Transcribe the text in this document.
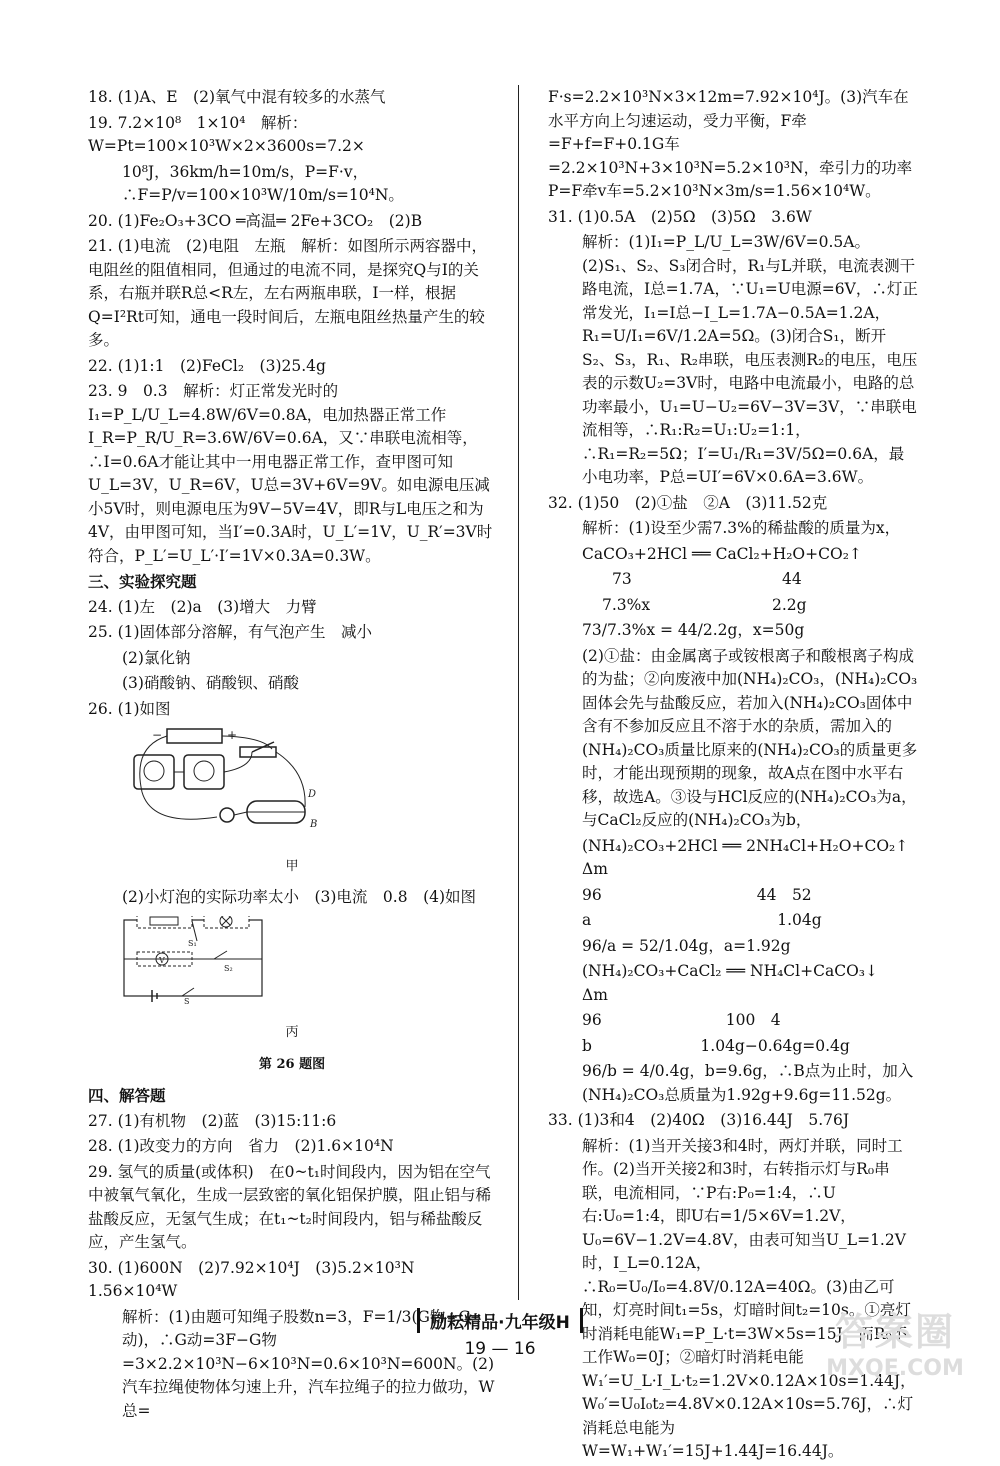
18. (1)A、E　(2)氧气中混有较多的水蒸气

19. 7.2×10⁸　1×10⁴　解析：W=Pt=100×10³W×2×3600s=7.2×

10⁸J，36km/h=10m/s，P=F·v，∴F=P/v=100×10³W/10m/s=10⁴N。

20. (1)Fe₂O₃+3CO ═高温═ 2Fe+3CO₂　(2)B

21. (1)电流　(2)电阻　左瓶　解析：如图所示两容器中，电阻丝的阻值相同，但通过的电流不同，是探究Q与I的关系，右瓶并联R总<R左，左右两瓶串联，I一样，根据Q=I²Rt可知，通电一段时间后，左瓶电阻丝热量产生的较多。

22. (1)1:1　(2)FeCl₂　(3)25.4g

23. 9　0.3　解析：灯正常发光时的I₁=P_L/U_L=4.8W/6V=0.8A，电加热器正常工作I_R=P_R/U_R=3.6W/6V=0.6A，又∵串联电流相等，∴I=0.6A才能让其中一用电器正常工作，查甲图可知U_L=3V，U_R=6V，U总=3V+6V=9V。如电源电压减小5V时，则电源电压为9V−5V=4V，即R与L电压之和为4V，由甲图可知，当I′=0.3A时，U_L′=1V，U_R′=3V时符合，P_L′=U_L′·I′=1V×0.3A=0.3W。

三、实验探究题

24. (1)左　(2)a　(3)增大　力臂

25. (1)固体部分溶解，有气泡产生　减小

(2)氯化钠

(3)硝酸钠、硝酸钡、硝酸

26. (1)如图

−	+
D
B
甲

(2)小灯泡的实际功率太小　(3)电流　0.8　(4)如图

V
S₁
S₂
S
丙
第 26 题图

四、解答题

27. (1)有机物　(2)蓝　(3)15:11:6

28. (1)改变力的方向　省力　(2)1.6×10⁴N

29. 氢气的质量(或体积)　在0~t₁时间段内，因为铝在空气中被氧气氧化，生成一层致密的氧化铝保护膜，阻止铝与稀盐酸反应，无氢气生成；在t₁~t₂时间段内，铝与稀盐酸反应，产生氢气。

30. (1)600N　(2)7.92×10⁴J　(3)5.2×10³N　1.56×10⁴W

解析：(1)由题可知绳子股数n=3，F=1/3(G物+G动)，∴G动=3F−G物=3×2.2×10³N−6×10³N=0.6×10³N=600N。(2)汽车拉绳使物体匀速上升，汽车拉绳子的拉力做功，W总=

F·s=2.2×10³N×3×12m=7.92×10⁴J。(3)汽车在水平方向上匀速运动，受力平衡，F牵=F+f=F+0.1G车=2.2×10³N+3×10³N=5.2×10³N，牵引力的功率P=F牵v车=5.2×10³N×3m/s=1.56×10⁴W。

31. (1)0.5A　(2)5Ω　(3)5Ω　3.6W

解析：(1)I₁=P_L/U_L=3W/6V=0.5A。(2)S₁、S₂、S₃闭合时，R₁与L并联，电流表测干路电流，I总=1.7A，∵U₁=U电源=6V，∴灯正常发光，I₁=I总−I_L=1.7A−0.5A=1.2A，R₁=U/I₁=6V/1.2A=5Ω。(3)闭合S₁，断开S₂、S₃，R₁、R₂串联，电压表测R₂的电压，电压表的示数U₂=3V时，电路中电流最小，电路的总功率最小，U₁=U−U₂=6V−3V=3V，∵串联电流相等，∴R₁:R₂=U₁:U₂=1:1，∴R₁=R₂=5Ω；I′=U₁/R₁=3V/5Ω=0.6A，最小电功率，P总=UI′=6V×0.6A=3.6W。

32. (1)50　(2)①盐　②A　(3)11.52克

解析：(1)设至少需7.3%的稀盐酸的质量为x，

CaCO₃+2HCl ══ CaCl₂+H₂O+CO₂↑

73	44

7.3%x	2.2g

73/7.3%x = 44/2.2g，x=50g

(2)①盐：由金属离子或铵根离子和酸根离子构成的为盐；②向废液中加(NH₄)₂CO₃，(NH₄)₂CO₃固体会先与盐酸反应，若加入(NH₄)₂CO₃固体中含有不参加反应且不溶于水的杂质，需加入的(NH₄)₂CO₃质量比原来的(NH₄)₂CO₃的质量更多时，才能出现预期的现象，故A点在图中水平右移，故选A。③设与HCl反应的(NH₄)₂CO₃为a，与CaCl₂反应的(NH₄)₂CO₃为b，

(NH₄)₂CO₃+2HCl ══ 2NH₄Cl+H₂O+CO₂↑　Δm

96　　　　　　　　　　44　52

a　　　　　　　　　　　　1.04g

96/a = 52/1.04g，a=1.92g

(NH₄)₂CO₃+CaCl₂ ══ NH₄Cl+CaCO₃↓　Δm

96　　　　　　　　100　4

b　　　　　　　1.04g−0.64g=0.4g

96/b = 4/0.4g，b=9.6g，∴B点为止时，加入(NH₄)₂CO₃总质量为1.92g+9.6g=11.52g。

33. (1)3和4　(2)40Ω　(3)16.44J　5.76J

解析：(1)当开关接3和4时，两灯并联，同时工作。(2)当开关接2和3时，右转指示灯与R₀串联，电流相同，∵P右:P₀=1:4，∴U右:U₀=1:4，即U右=1/5×6V=1.2V，U₀=6V−1.2V=4.8V，由表可知当U_L=1.2V时，I_L=0.12A，∴R₀=U₀/I₀=4.8V/0.12A=40Ω。(3)由乙可知，灯亮时间t₁=5s，灯暗时间t₂=10s。①亮灯时消耗电能W₁=P_L·t=3W×5s=15J，而R₀不工作W₀=0J；②暗灯时消耗电能W₁′=U_L·I_L·t₂=1.2V×0.12A×10s=1.44J，W₀′=U₀I₀t₂=4.8V×0.12A×10s=5.76J，∴灯消耗总电能为W=W₁+W₁′=15J+1.44J=16.44J。

励耘精品·九年级H
19 — 16	答案圈
MXQE.COM
